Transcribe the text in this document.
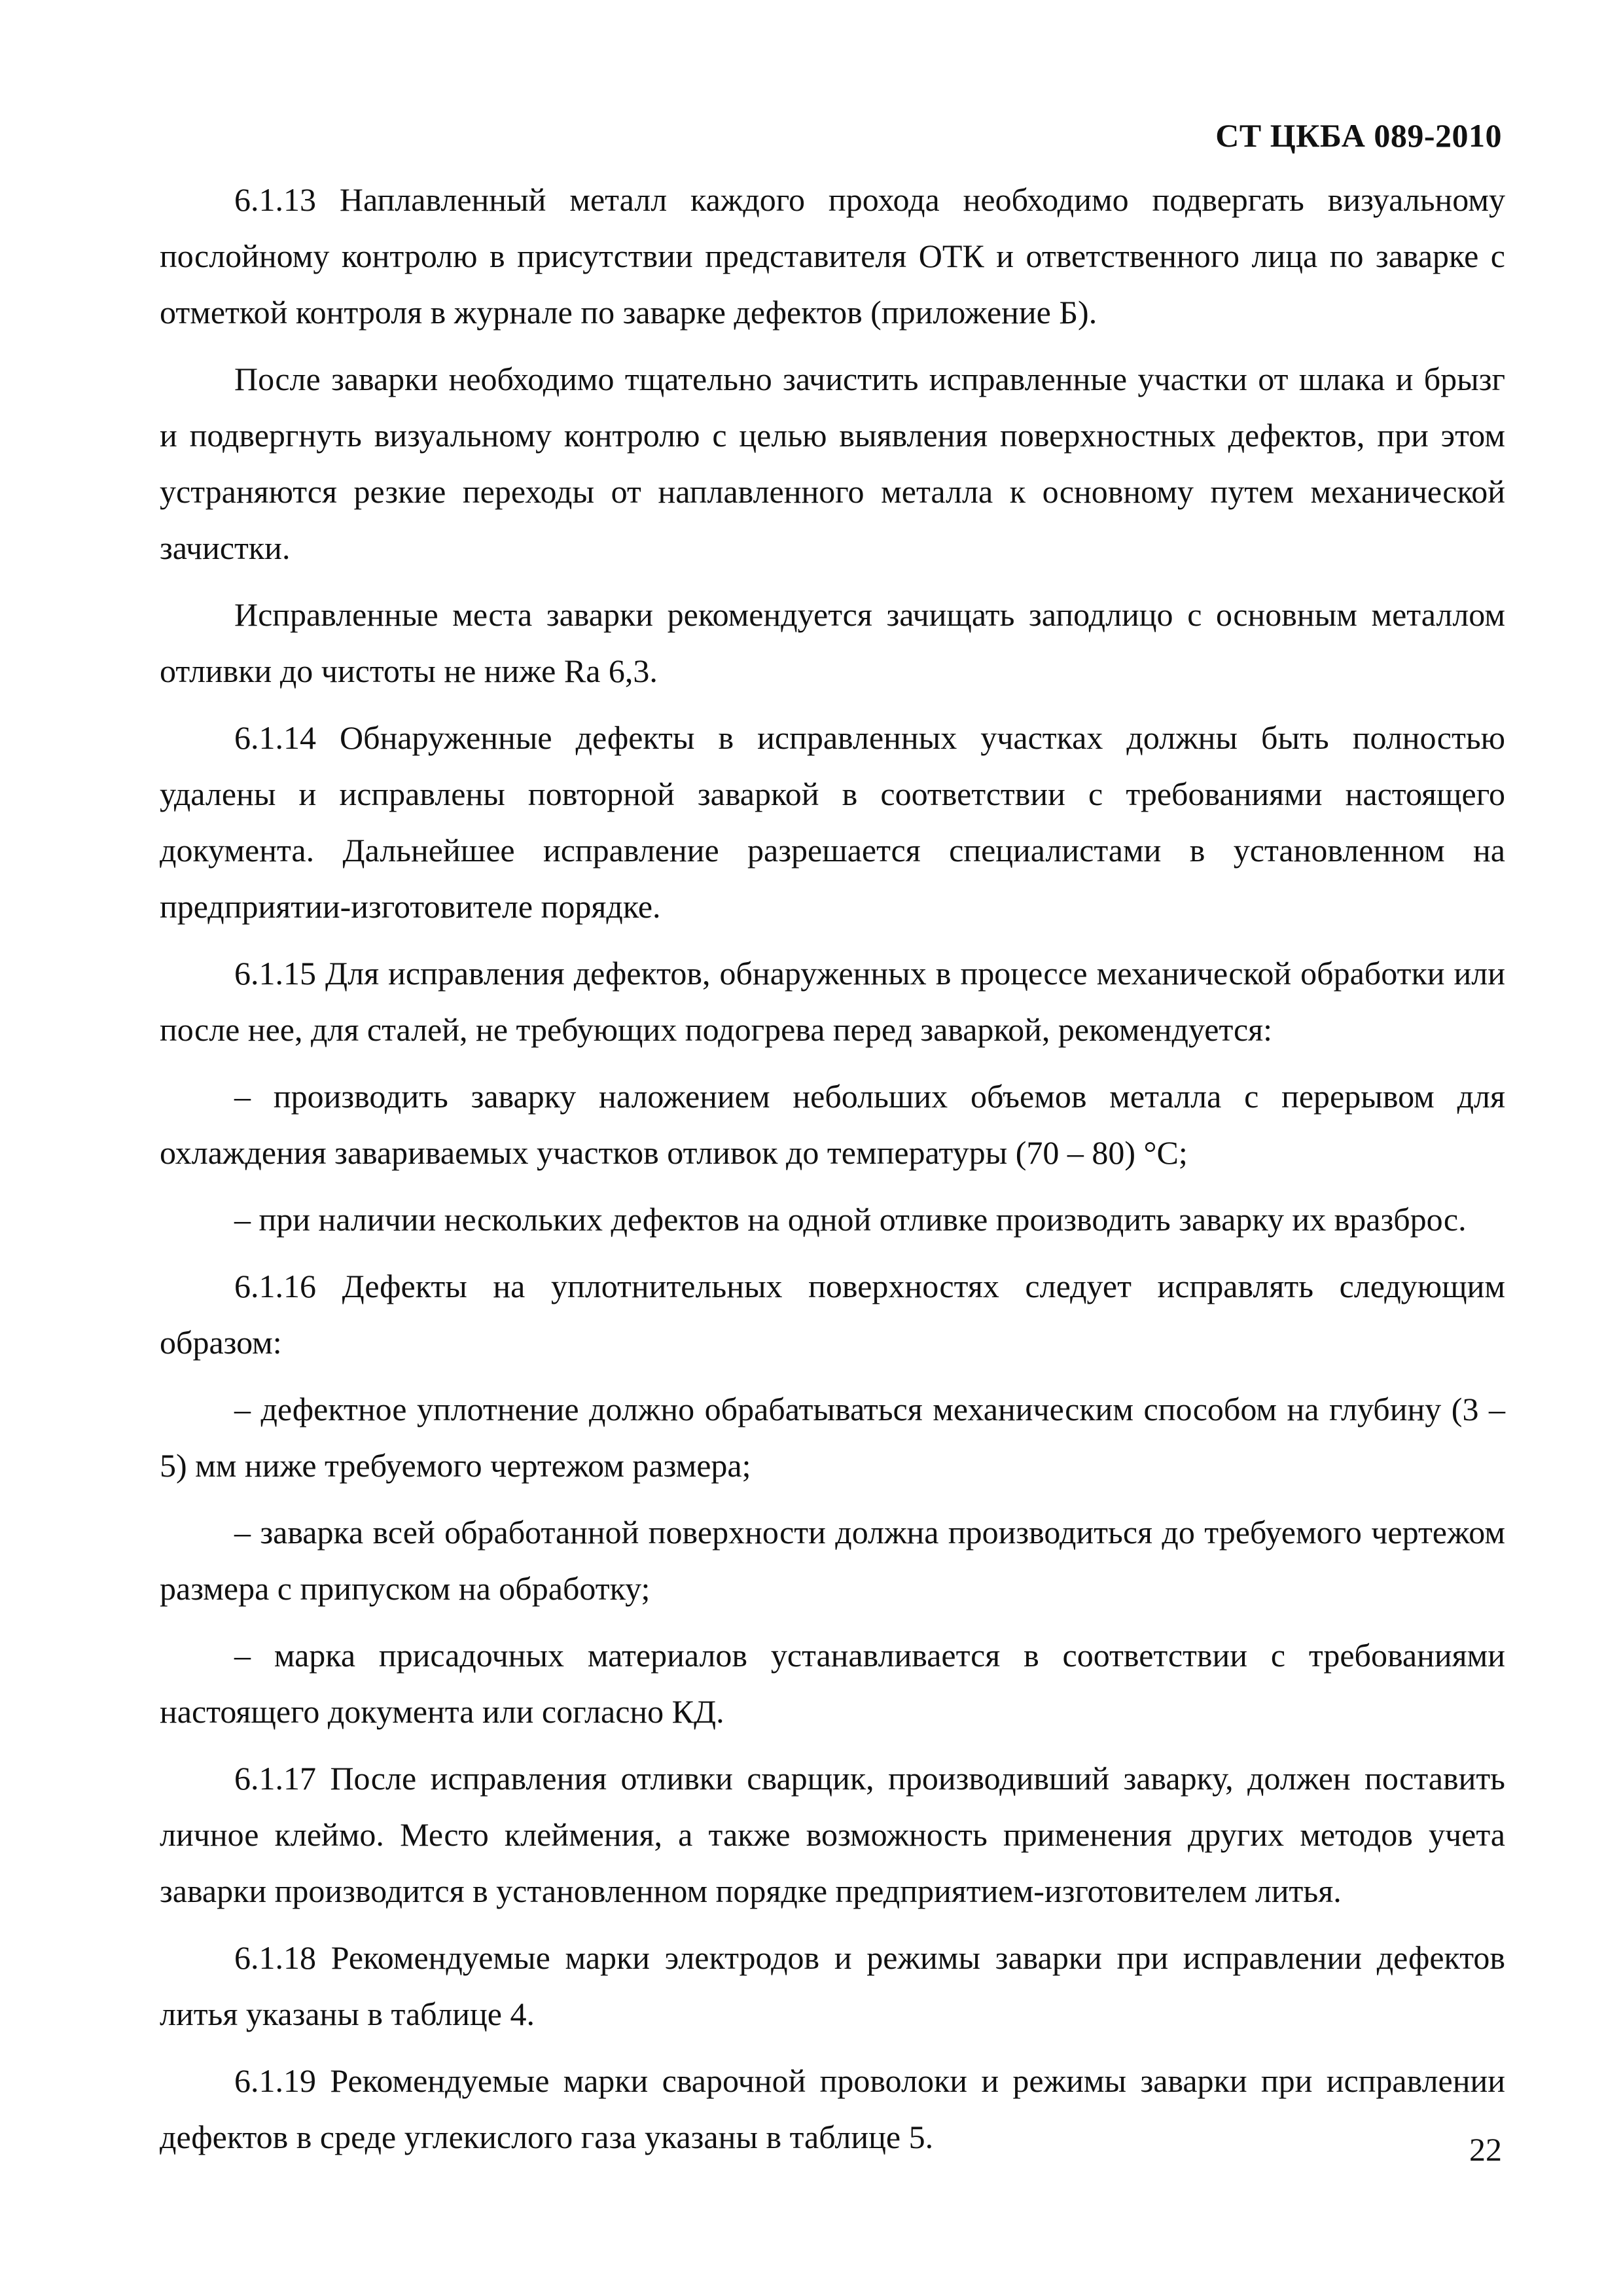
СТ ЦКБА 089-2010

6.1.13 Наплавленный металл каждого прохода необходимо подвергать визуальному послойному контролю в присутствии представителя ОТК и ответственного лица по заварке с отметкой контроля в журнале по заварке дефектов (приложение Б).

После заварки необходимо тщательно зачистить исправленные участки от шлака и брызг и подвергнуть визуальному контролю с целью выявления поверхностных дефектов, при этом устраняются резкие переходы от наплавленного металла к основному путем механической зачистки.

Исправленные места заварки рекомендуется зачищать заподлицо с основным металлом отливки до чистоты не ниже Ra 6,3.

6.1.14 Обнаруженные дефекты в исправленных участках должны быть полностью удалены и исправлены повторной заваркой в соответствии с требованиями настоящего документа. Дальнейшее исправление разрешается специалистами в установленном на предприятии-изготовителе порядке.

6.1.15 Для исправления дефектов, обнаруженных в процессе механической обработки или после нее, для сталей, не требующих подогрева перед заваркой, рекомендуется:

– производить заварку наложением небольших объемов металла с перерывом для охлаждения завариваемых участков отливок до температуры (70 – 80) °С;

– при наличии нескольких дефектов на одной отливке производить заварку их вразброс.

6.1.16 Дефекты на уплотнительных поверхностях следует исправлять следующим образом:

– дефектное уплотнение должно обрабатываться механическим способом на глубину (3 – 5) мм ниже требуемого чертежом размера;

– заварка всей обработанной поверхности должна производиться до требуемого чертежом размера с припуском на обработку;

– марка присадочных материалов устанавливается в соответствии с требованиями настоящего документа или согласно КД.

6.1.17 После исправления отливки сварщик, производивший заварку, должен поставить личное клеймо. Место клеймения, а также возможность применения других методов учета заварки производится в установленном порядке предприятием-изготовителем литья.

6.1.18 Рекомендуемые марки электродов и режимы заварки при исправлении дефектов литья указаны в таблице 4.

6.1.19 Рекомендуемые марки сварочной проволоки и режимы заварки при исправлении дефектов в среде углекислого газа указаны в таблице 5.	22
